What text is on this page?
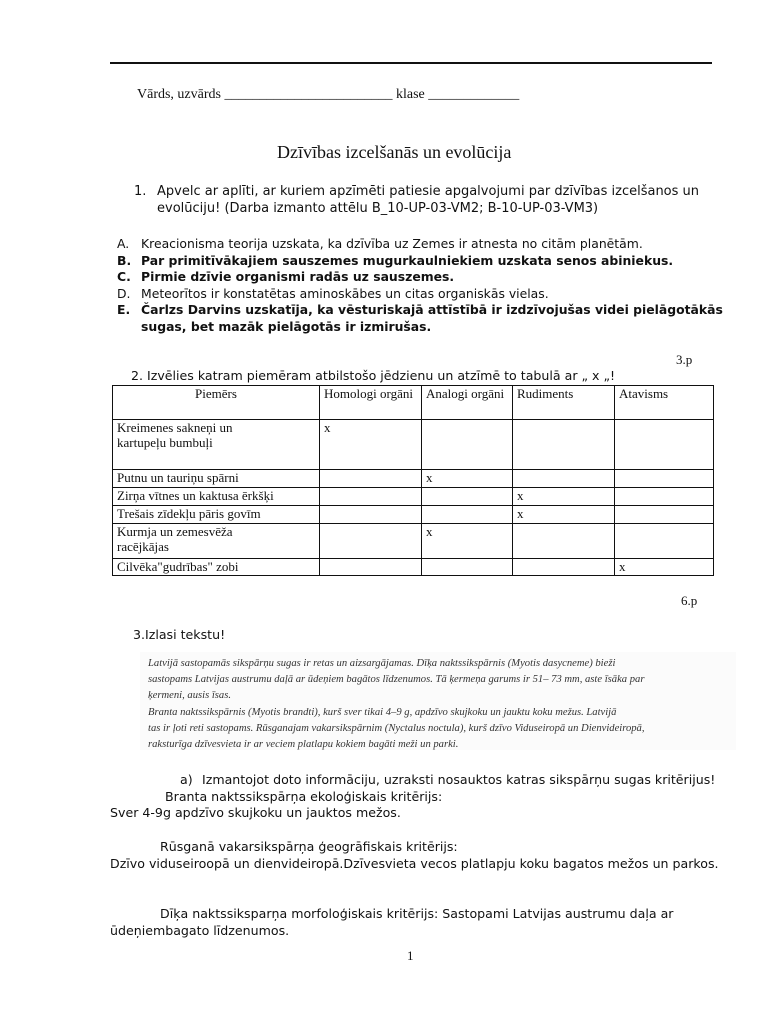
Vārds, uzvārds ________________________ klase _____________
Dzīvības izcelšanās un evolūcija
1. Apvelc ar aplīti, ar kuriem apzīmēti patiesie apgalvojumi par dzīvības izcelšanos un
evolūciju! (Darba izmanto attēlu B_10-UP-03-VM2; B-10-UP-03-VM3)
A. Kreacionisma teorija uzskata, ka dzīvība uz Zemes ir atnesta no citām planētām.
B. Par primitīvākajiem sauszemes mugurkaulniekiem uzskata senos abiniekus.
C. Pirmie dzīvie organismi radās uz sauszemes.
D. Meteorītos ir konstatētas aminoskābes un citas organiskās vielas.
E. Čarlzs Darvins uzskatīja, ka vēsturiskajā attīstībā ir izdzīvojušas videi pielāgotākās
sugas, bet mazāk pielāgotās ir izmirušas.
3.p
2. Izvēlies katram piemēram atbilstošo jēdzienu un atzīmē to tabulā ar „ x „!
Piemērs	Homologi orgāni	Analogi orgāni	Rudiments	Atavisms
Kreimenes sakneņi un kartupeļu bumbuļi	x			
Putnu un tauriņu spārni		x		
Zirņa vītnes un kaktusa ērkšķi			x	
Trešais zīdekļu pāris govīm			x	
Kurmja un zemesvēža racējkājas		x		
Cilvēka"gudrības" zobi				x
6.p
3.Izlasi tekstu!

Latvijā sastopamās sikspārņu sugas ir retas un aizsargājamas. Dīķa naktssikspārnis (Myotis dasycneme) bieži

sastopams Latvijas austrumu daļā ar ūdeņiem bagātos līdzenumos. Tā ķermeņa garums ir 51– 73 mm, aste īsāka par

ķermeni, ausis īsas.

Branta naktssikspārnis (Myotis brandti), kurš sver tikai 4–9 g, apdzīvo skujkoku un jauktu koku mežus. Latvijā

tas ir ļoti reti sastopams. Rūsganajam vakarsikspārnim (Nyctalus noctula), kurš dzīvo Viduseiropā un Dienvideiropā,

raksturīga dzīvesvieta ir ar veciem platlapu kokiem bagāti meži un parki.

a) Izmantojot doto informāciju, uzraksti nosauktos katras sikspārņu sugas kritērijus!
Branta naktssikspārņa ekoloģiskais kritērijs:
Sver 4-9g apdzīvo skujkoku un jauktos mežos.
Rūsganā vakarsikspārņa ģeogrāfiskais kritērijs:
Dzīvo viduseiroopā un dienvideiropā.Dzīvesvieta vecos platlapju koku bagatos mežos un parkos.
Dīķa naktssiksparņa morfoloģiskais kritērijs: Sastopami Latvijas austrumu daļa ar
ūdeņiembagato līdzenumos.
1
